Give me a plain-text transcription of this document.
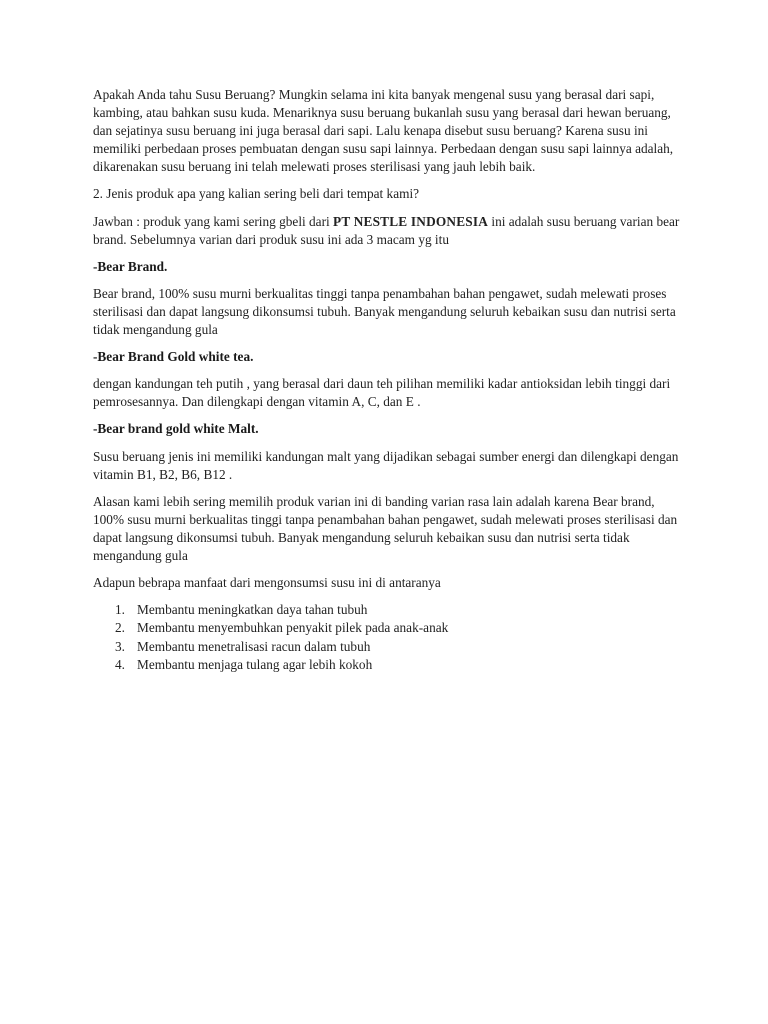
Apakah Anda tahu Susu Beruang? Mungkin selama ini kita banyak mengenal susu yang berasal dari sapi, kambing, atau bahkan susu kuda. Menariknya susu beruang bukanlah susu yang berasal dari hewan beruang, dan sejatinya susu beruang ini juga berasal dari sapi. Lalu kenapa disebut susu beruang? Karena susu ini memiliki perbedaan proses pembuatan dengan susu sapi lainnya. Perbedaan dengan susu sapi lainnya adalah, dikarenakan susu beruang ini telah melewati proses sterilisasi yang jauh lebih baik.

2. Jenis produk apa yang kalian sering beli dari tempat kami?

Jawban : produk yang kami sering gbeli dari PT NESTLE INDONESIA ini adalah susu beruang varian bear brand. Sebelumnya varian dari produk susu ini ada 3 macam yg itu

-Bear Brand.

Bear brand, 100% susu murni berkualitas tinggi tanpa penambahan bahan pengawet, sudah melewati proses sterilisasi dan dapat langsung dikonsumsi tubuh. Banyak mengandung seluruh kebaikan susu dan nutrisi serta tidak mengandung gula

-Bear Brand Gold white tea.

dengan kandungan teh putih , yang berasal dari daun teh pilihan memiliki kadar antioksidan lebih tinggi dari pemrosesannya. Dan dilengkapi dengan vitamin A, C, dan E .

-Bear brand gold white Malt.

Susu beruang jenis ini memiliki kandungan malt yang dijadikan sebagai sumber energi dan dilengkapi dengan vitamin B1, B2, B6, B12 .

Alasan kami lebih sering memilih produk varian ini di banding varian rasa lain adalah karena Bear brand, 100% susu murni berkualitas tinggi tanpa penambahan bahan pengawet, sudah melewati proses sterilisasi dan dapat langsung dikonsumsi tubuh. Banyak mengandung seluruh kebaikan susu dan nutrisi serta tidak mengandung gula

Adapun bebrapa manfaat dari mengonsumsi susu ini di antaranya

1. Membantu meningkatkan daya tahan tubuh
2. Membantu menyembuhkan penyakit pilek pada anak-anak
3. Membantu menetralisasi racun dalam tubuh
4. Membantu menjaga tulang agar lebih kokoh
